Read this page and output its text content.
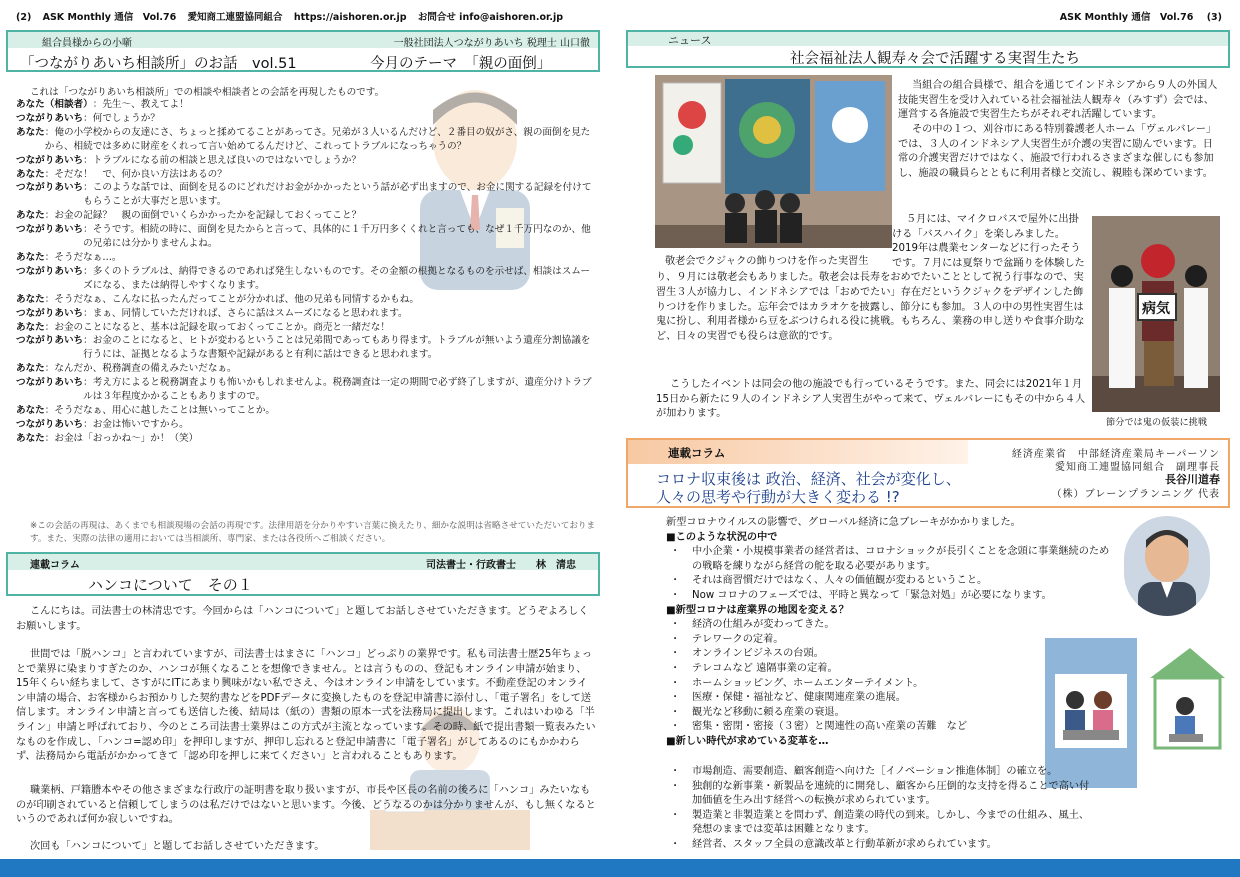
(2) ASK Monthly 通信　Vol.76 愛知商工連盟協同組合 https://aishoren.or.jp お問合せ info@aishoren.or.jp	ASK Monthly 通信　Vol.76 (3)
組合員様からの小噺	一般社団法人つながりあいち 税理士 山口徹
「つながりあいち相談所」のお話　vol.51	今月のテーマ　「親の面倒」
これは「つながりあいち相談所」での相談や相談者との会話を再現したものです。
あなた（相談者） ：先生〜、教えてよ！
つながりあいち ：何でしょうか？
あなた ：俺の小学校からの友達にさ、ちょっと揉めてることがあってさ。兄弟が３人いるんだけど、２番目の奴がさ、親の面倒を見たから、相続では多めに財産をくれって言い始めてるんだけど、これってトラブルになっちゃうの？
つながりあいち ：トラブルになる前の相談と思えば良いのではないでしょうか？
あなた ：そだな！　で、何か良い方法はあるの？
つながりあいち ：このような話では、面倒を見るのにどれだけお金がかかったという話が必ず出ますので、お金に関する記録を付けてもらうことが大事だと思います。
あなた ：お金の記録？　親の面倒でいくらかかったかを記録しておくってこと？
つながりあいち ：そうです。相続の時に、面倒を見たからと言って、具体的に１千万円多くくれと言っても、なぜ１千万円なのか、他の兄弟には分かりませんよね。
あなた ：そうだなぁ…。
つながりあいち ：多くのトラブルは、納得できるのであれば発生しないものです。その金額の根拠となるものを示せば、相談はスムーズになる、または納得しやすくなります。
あなた ：そうだなぁ、こんなに払ったんだってことが分かれば、他の兄弟も同情するかもね。
つながりあいち ：まぁ、同情していただければ、さらに話はスムーズになると思われます。
あなた ：お金のことになると、基本は記録を取っておくってことか。商売と一緒だな！
つながりあいち ：お金のことになると、ヒトが変わるということは兄弟間であってもあり得ます。トラブルが無いよう遺産分割協議を行うには、証拠となるような書類や記録があると有利に話はできると思われます。
あなた ：なんだか、税務調査の備えみたいだなぁ。
つながりあいち ：考え方によると税務調査よりも怖いかもしれませんよ。税務調査は一定の期間で必ず終了しますが、遺産分けトラブルは３年程度かかることもありますので。
あなた ：そうだなぁ、用心に越したことは無いってことか。
つながりあいち ：お金は怖いですから。
あなた ：お金は「おっかね〜」か！（笑）
※この会話の再現は、あくまでも相談現場の会話の再現です。法律用語を分かりやすい言葉に換えたり、細かな説明は省略させていただいております。また、実際の法律の適用においては当相談所、専門家、または各役所へご相談ください。
連載コラム	司法書士・行政書士　　林　清忠
ハンコについて　その１
こんにちは。司法書士の林清忠です。今回からは「ハンコについて」と題してお話しさせていただきます。どうぞよろしくお願いします。
世間では「脱ハンコ」と言われていますが、司法書士はまさに「ハンコ」どっぷりの業界です。私も司法書士歴25年ちょっとで業界に染まりすぎたのか、ハンコが無くなることを想像できません。とは言うものの、登記もオンライン申請が始まり、15年くらい経ちまして、さすがにITにあまり興味がない私でさえ、今はオンライン申請をしています。不動産登記のオンライン申請の場合、お客様からお預かりした契約書などをPDFデータに変換したものを登記申請書に添付し、「電子署名」をして送信します。オンライン申請と言っても送信した後、結局は（紙の）書類の原本一式を法務局に提出します。これはいわゆる「半ライン」申請と呼ばれており、今のところ司法書士業界はこの方式が主流となっています。その時、紙で提出書類一覧表みたいなものを作成し、「ハンコ=認め印」を押印しますが、押印し忘れると登記申請書に「電子署名」がしてあるのにもかかわらず、法務局から電話がかかってきて「認め印を押しに来てください」と言われることもあります。
職業柄、戸籍謄本やその他さまざまな行政庁の証明書を取り扱いますが、市長や区長の名前の後ろに「ハンコ」みたいなものが印刷されていると信頼してしまうのは私だけではないと思います。今後、どうなるのかは分かりませんが、もし無くなるというのであれば何か寂しいですね。
次回も「ハンコについて」と題してお話しさせていただきます。
ニュース
社会福祉法人観寿々会で活躍する実習生たち
敬老会でクジャクの飾りつけを作った実習生
病気
節分では鬼の仮装に挑戦
当組合の組合員様で、組合を通じてインドネシアから９人の外国人技能実習生を受け入れている社会福祉法人観寿々（みすず）会では、運営する各施設で実習生たちがそれぞれ活躍しています。
その中の１つ、刈谷市にある特別養護老人ホーム「ヴェルバレー」では、３人のインドネシア人実習生が介護の実習に励んでいます。日常の介護実習だけではなく、施設で行われるさまざまな催しにも参加し、施設の職員らとともに利用者様と交流し、親睦も深めています。
５月には、マイクロバスで屋外に出掛ける「バスハイク」を楽しみました。2019年は農業センターなどに行ったそうです。７月には夏祭りで盆踊りを体験したり、９月には敬老会もありました。敬老会は長寿をおめでたいこととして祝う行事なので、実習生３人が協力し、インドネシアでは「おめでたい」存在だというクジャクをデザインした飾りつけを作りました。忘年会ではカラオケを披露し、節分にも参加。３人の中の男性実習生は鬼に扮し、利用者様から豆をぶつけられる役に挑戦。もちろん、業務の申し送りや食事介助など、日々の実習でも役らは意欲的です。
こうしたイベントは同会の他の施設でも行っているそうです。また、同会には2021年１月15日から新たに９人のインドネシア人実習生がやって来て、ヴェルバレーにもその中から４人が加わります。
連載コラム	経済産業省　中部経済産業局キーパーソン
愛知商工連盟協同組合　副理事長
長谷川道春
（株）ブレーンプランニング 代表
コロナ収束後は 政治、経済、社会が変化し、
人々の思考や行動が大きく変わる !?
新型コロナウイルスの影響で、グローバル経済に急ブレーキがかかりました。
■このような状況の中で
・	中小企業・小規模事業者の経営者は、コロナショックが長引くことを念頭に事業継続のための戦略を練りながら経営の舵を取る必要があります。
・	それは商習慣だけではなく、人々の価値観が変わるということ。
・	Now コロナのフェーズでは、平時と異なって「緊急対処」が必要になります。
■新型コロナは産業界の地図を変える？
・	経済の仕組みが変わってきた。
・	テレワークの定着。
・	オンラインビジネスの台頭。
・	テレコムなど 遠隔事業の定着。
・	ホームショッピング、ホームエンターテイメント。
・	医療・保健・福祉など、健康関連産業の進展。
・	観光など移動に頼る産業の衰退。
・	密集・密閉・密接（３密）と関連性の高い産業の苦難　など
■新しい時代が求めている変革を…
・	市場創造、需要創造、顧客創造へ向けた［イノベーション推進体制］の確立を。
・	独創的な新事業・新製品を連続的に開発し、顧客から圧倒的な支持を得ることで高い付加価値を生み出す経営への転換が求められています。
・	製造業と非製造業とを問わず、創造業の時代の到来。しかし、今までの仕組み、風土、発想のままでは変革は困難となります。
・	経営者、スタッフ全員の意識改革と行動革新が求められています。
